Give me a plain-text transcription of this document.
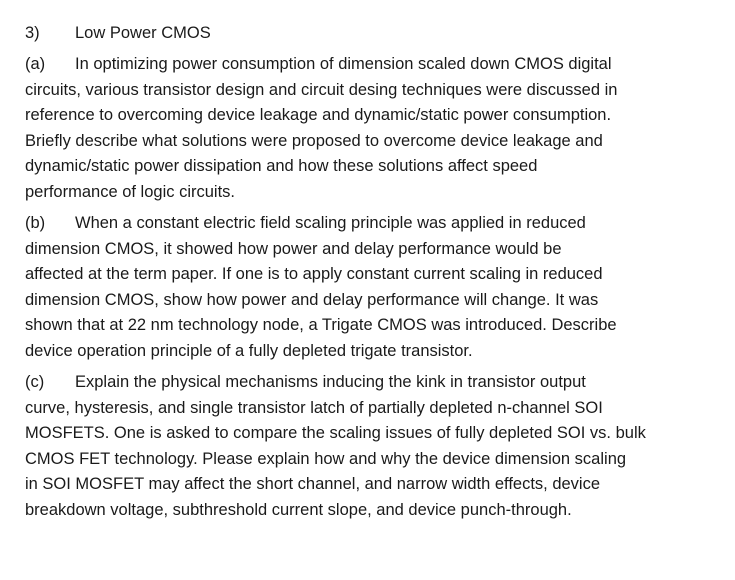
3)	Low Power CMOS
(a) In optimizing power consumption of dimension scaled down CMOS digital
circuits, various transistor design and circuit desing techniques were discussed in
reference to overcoming device leakage and dynamic/static power consumption.
Briefly describe what solutions were proposed to overcome device leakage and
dynamic/static power dissipation and how these solutions affect speed
performance of logic circuits.
(b) When a constant electric field scaling principle was applied in reduced
dimension CMOS, it showed how power and delay performance would be
affected at the term paper. If one is to apply constant current scaling in reduced
dimension CMOS, show how power and delay performance will change. It was
shown that at 22 nm technology node, a Trigate CMOS was introduced. Describe
device operation principle of a fully depleted trigate transistor.
(c) Explain the physical mechanisms inducing the kink in transistor output
curve, hysteresis, and single transistor latch of partially depleted n-channel SOI
MOSFETS. One is asked to compare the scaling issues of fully depleted SOI vs. bulk
CMOS FET technology. Please explain how and why the device dimension scaling
in SOI MOSFET may affect the short channel, and narrow width effects, device
breakdown voltage, subthreshold current slope, and device punch-through.
